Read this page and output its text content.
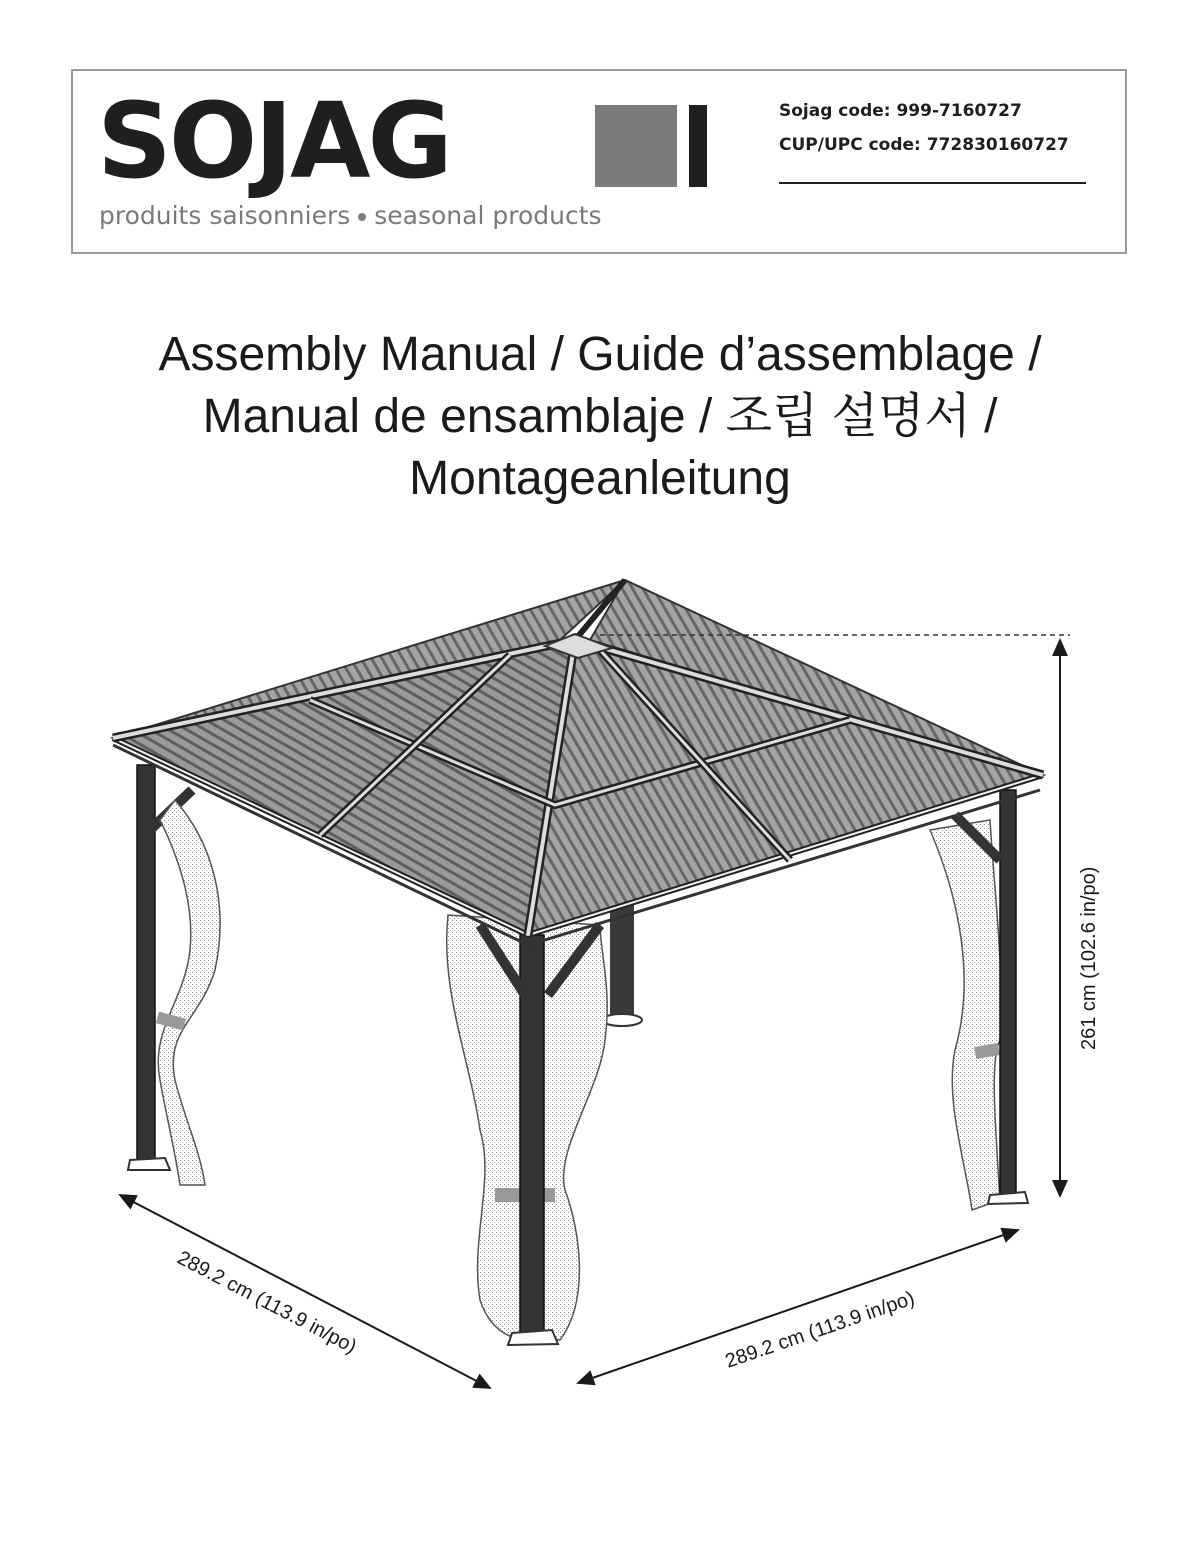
SOJAG
produits saisonniers seasonal products
Sojag code: 999-7160727
CUP/UPC code: 772830160727
Assembly Manual / Guide d’assemblage /
Manual de ensamblaje / 조립 설명서 /
Montageanleitung
261 cm (102.6 in/po)
289.2 cm (113.9 in/po)	289.2 cm (113.9 in/po)
